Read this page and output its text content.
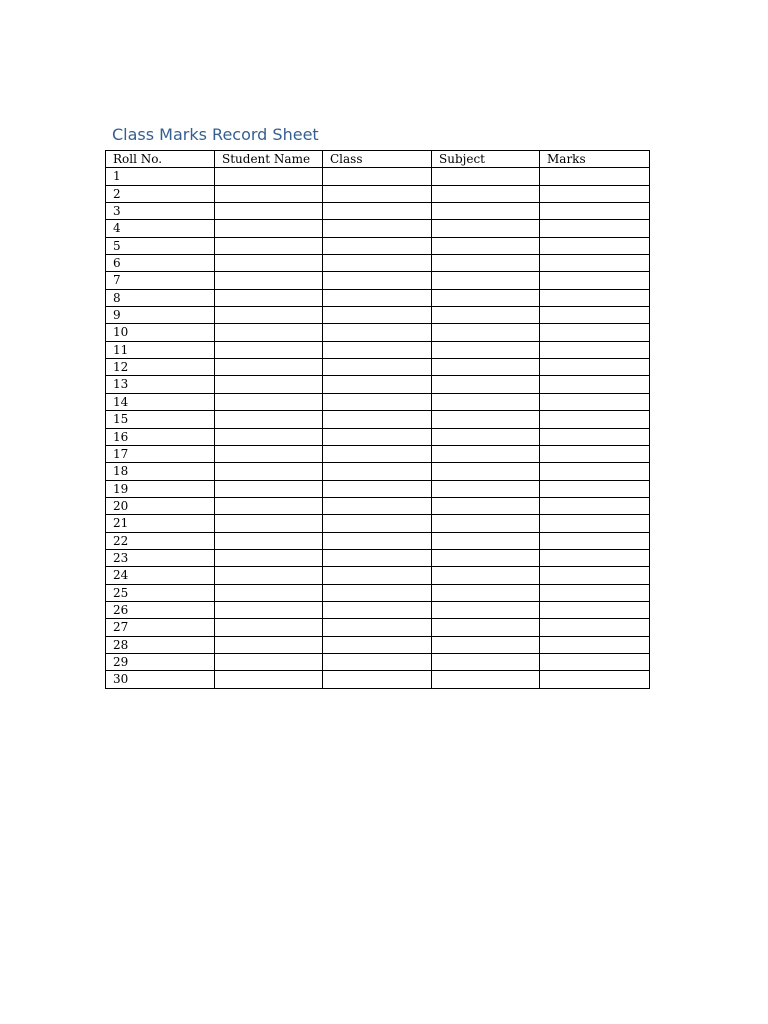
Class Marks Record Sheet
Roll No.	Student Name	Class	Subject	Marks
1				
2				
3				
4				
5				
6				
7				
8				
9				
10				
11				
12				
13				
14				
15				
16				
17				
18				
19				
20				
21				
22				
23				
24				
25				
26				
27				
28				
29				
30				
